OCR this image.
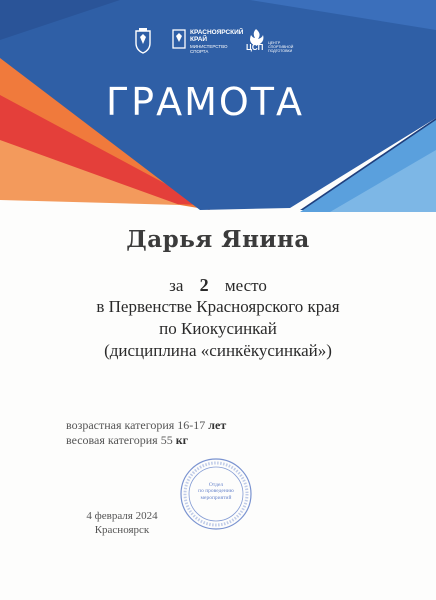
КРАСНОЯРСКИЙ
КРАЙ
МИНИСТЕРСТВО
СПОРТА	ЦСП ЦЕНТР
СПОРТИВНОЙ
ПОДГОТОВКИ
ГРАМОТА
Дарья Янина
за 2 место
в Первенстве Красноярского края
по Киокусинкай
(дисциплина «синкёкусинкай»)
возрастная категория 16-17 лет
весовая категория 55 кг
4 февраля 2024
Красноярск
Отдел
по проведению
мероприятий
